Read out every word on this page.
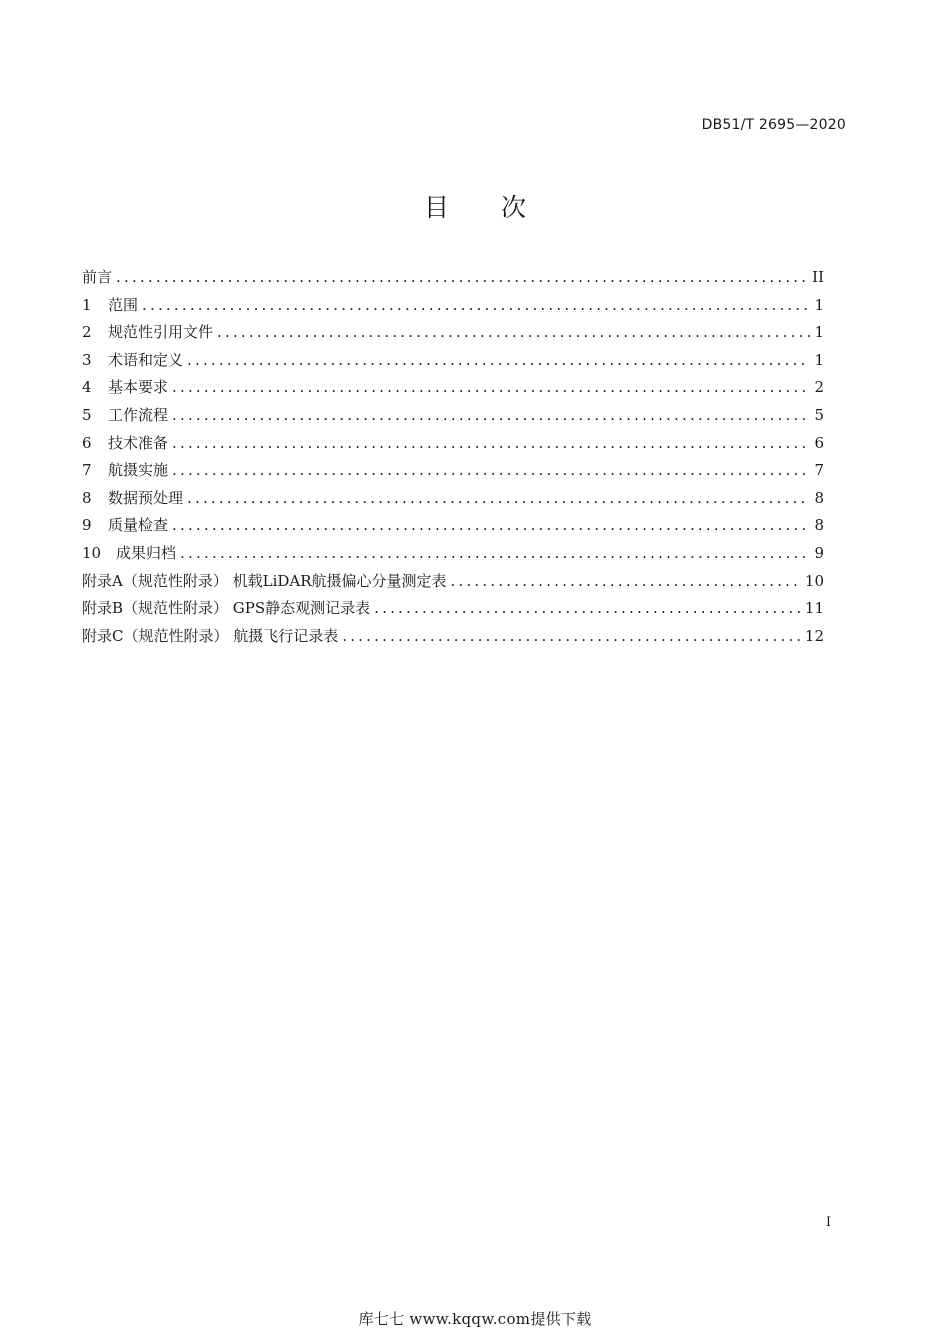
DB51/T 2695—2020
目 次
前言 .....	II
1	范围 .....	1
2	规范性引用文件 .....	1
3	术语和定义 .....	1
4	基本要求 .....	2
5	工作流程 .....	5
6	技术准备 .....	6
7	航摄实施 .....	7
8	数据预处理 .....	8
9	质量检查 .....	8
10 成果归档 .....	9
附录A（规范性附录） 机载LiDAR航摄偏心分量测定表 .....	10
附录B（规范性附录） GPS静态观测记录表 .....	11
附录C（规范性附录） 航摄飞行记录表 .....	12
I
库七七 www.kqqw.com提供下载
